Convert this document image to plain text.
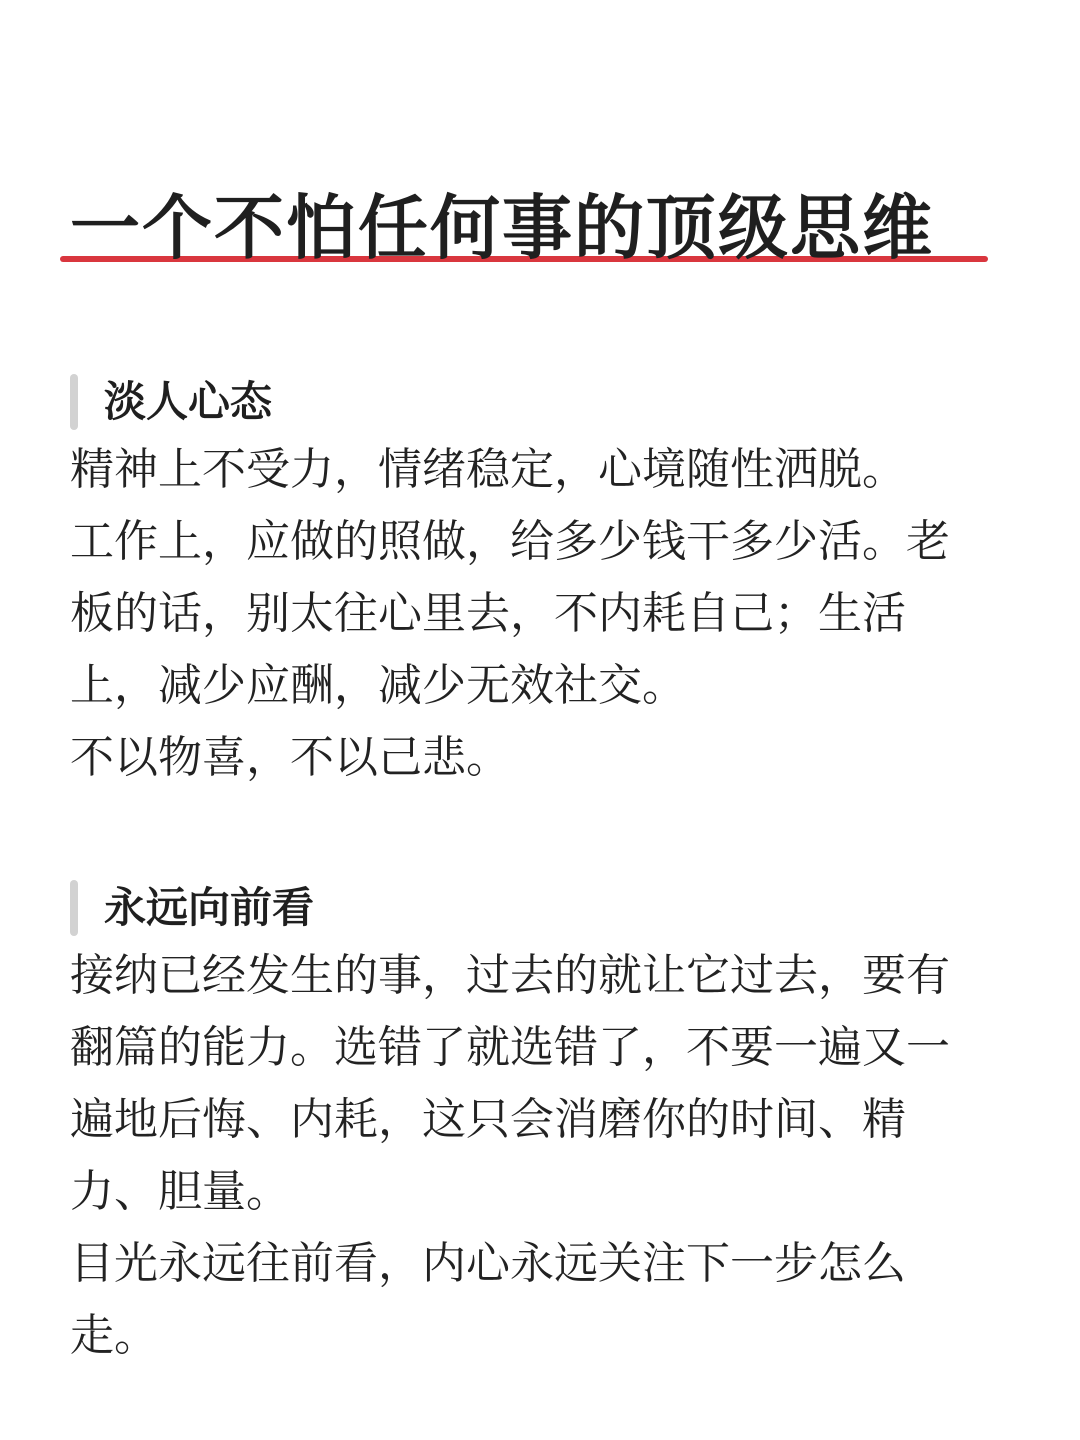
一个不怕任何事的顶级思维
淡人心态

精神上不受力，情绪稳定，心境随性洒脱。

工作上，应做的照做，给多少钱干多少活。老

板的话，别太往心里去，不内耗自己；生活

上，减少应酬，减少无效社交。

不以物喜，不以己悲。

永远向前看

接纳已经发生的事，过去的就让它过去，要有

翻篇的能力。选错了就选错了，不要一遍又一

遍地后悔、内耗，这只会消磨你的时间、精

力、胆量。

目光永远往前看，内心永远关注下一步怎么

走。
